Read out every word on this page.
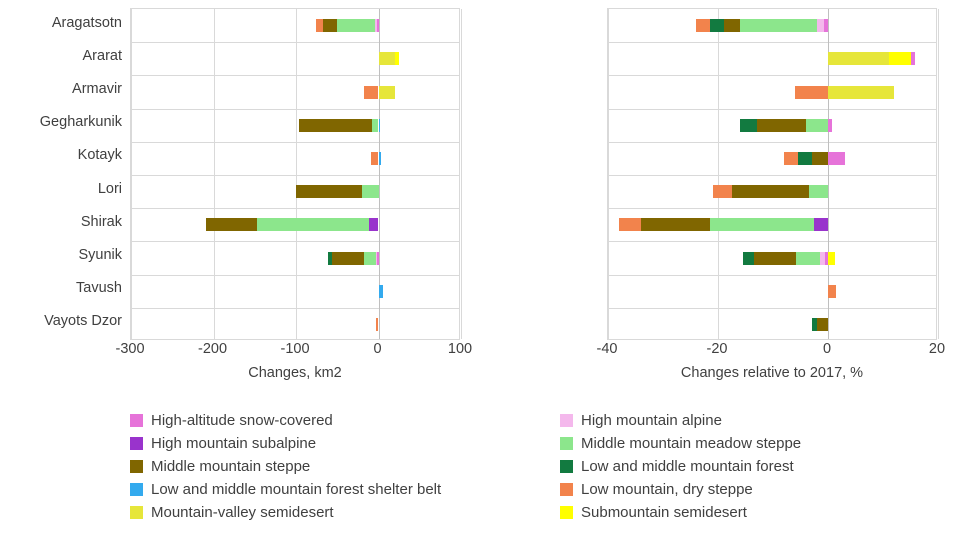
Aragatsotn
Ararat
Armavir
Gegharkunik
Kotayk
Lori
Shirak
Syunik
Tavush
Vayots Dzor
-300	-200	-100	0	100
Changes, km2
-40	-20	0	20
Changes relative to 2017, %
High-altitude snow-covered	High mountain alpine
High mountain subalpine	Middle mountain meadow steppe
Middle mountain steppe	Low and middle mountain forest
Low and middle mountain forest shelter belt	Low mountain, dry steppe
Mountain-valley semidesert	Submountain semidesert
